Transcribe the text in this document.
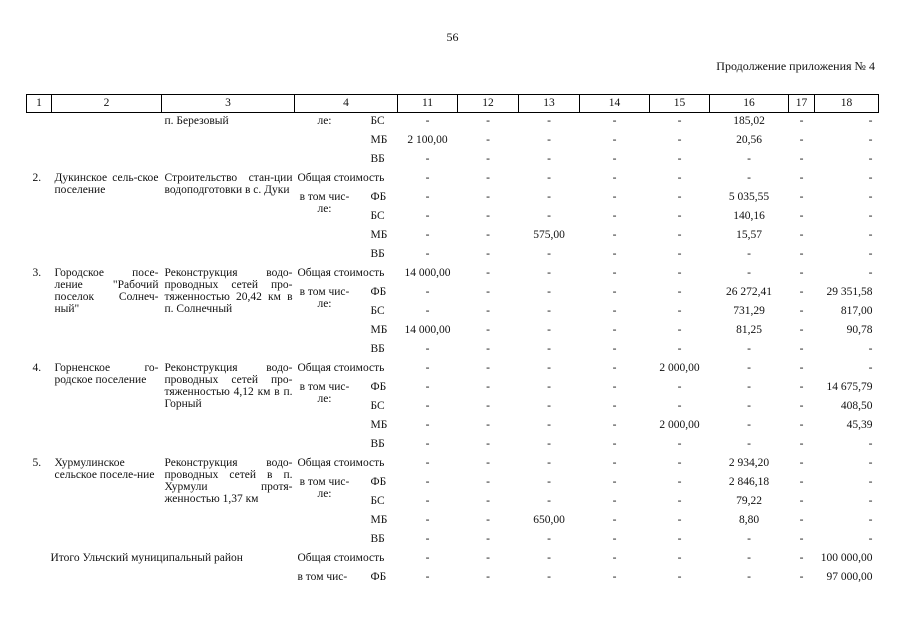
56
Продолжение приложения № 4
1	2	3	4		11	12	13	14	15	16	17	18

		п. Березовый	ле:	БС	-	-	-	-	-	185,02	-	-
				МБ	2 100,00	-	-	-	-	20,56	-	-
				ВБ	-	-	-	-	-	-	-	-

2.	Дукинское сель-ское поселение	Строительство стан-ции водоподготовки в с. Дуки	Общая стоимость		-	-	-	-	-	-	-	-

			в том чис-ле:	ФБ	-	-	-	-	-	5 035,55	-	-
				БС	-	-	-	-	-	140,16	-	-
				МБ	-	-	575,00	-	-	15,57	-	-
				ВБ	-	-	-	-	-	-	-	-

3.	Городское посе-ление "Рабочий поселок Солнеч-ный"	Реконструкция водо-проводных сетей про-тяженностью 20,42 км в п. Солнечный	Общая стоимость		14 000,00	-	-	-	-	-	-	-

			в том чис-ле:	ФБ	-	-	-	-	-	26 272,41	-	29 351,58
				БС	-	-	-	-	-	731,29	-	817,00
				МБ	14 000,00	-	-	-	-	81,25	-	90,78
				ВБ	-	-	-	-	-	-	-	-

4.	Горненское го-родское поселение	Реконструкция водо-проводных сетей про-тяженностью 4,12 км в п. Горный	Общая стоимость		-	-	-	-	2 000,00	-	-	-

			в том чис-ле:	ФБ	-	-	-	-	-	-	-	14 675,79
				БС	-	-	-	-	-	-	-	408,50
				МБ	-	-	-	-	2 000,00	-	-	45,39
				ВБ	-	-	-	-	-	-	-	-

5.	Хурмулинское сельское поселе-ние	Реконструкция водо-проводных сетей в п. Хурмули протя-женностью 1,37 км	Общая стоимость		-	-	-	-	-	2 934,20	-	-

			в том чис-ле:	ФБ	-	-	-	-	-	2 846,18	-	-
				БС	-	-	-	-	-	79,22	-	-
				МБ	-	-	650,00	-	-	8,80	-	-
				ВБ	-	-	-	-	-	-	-	-
Итого Ульчский муниципальный район			Общая стоимость		-	-	-	-	-	-	-	100 000,00
			в том чис-	ФБ	-	-	-	-	-	-	-	97 000,00
